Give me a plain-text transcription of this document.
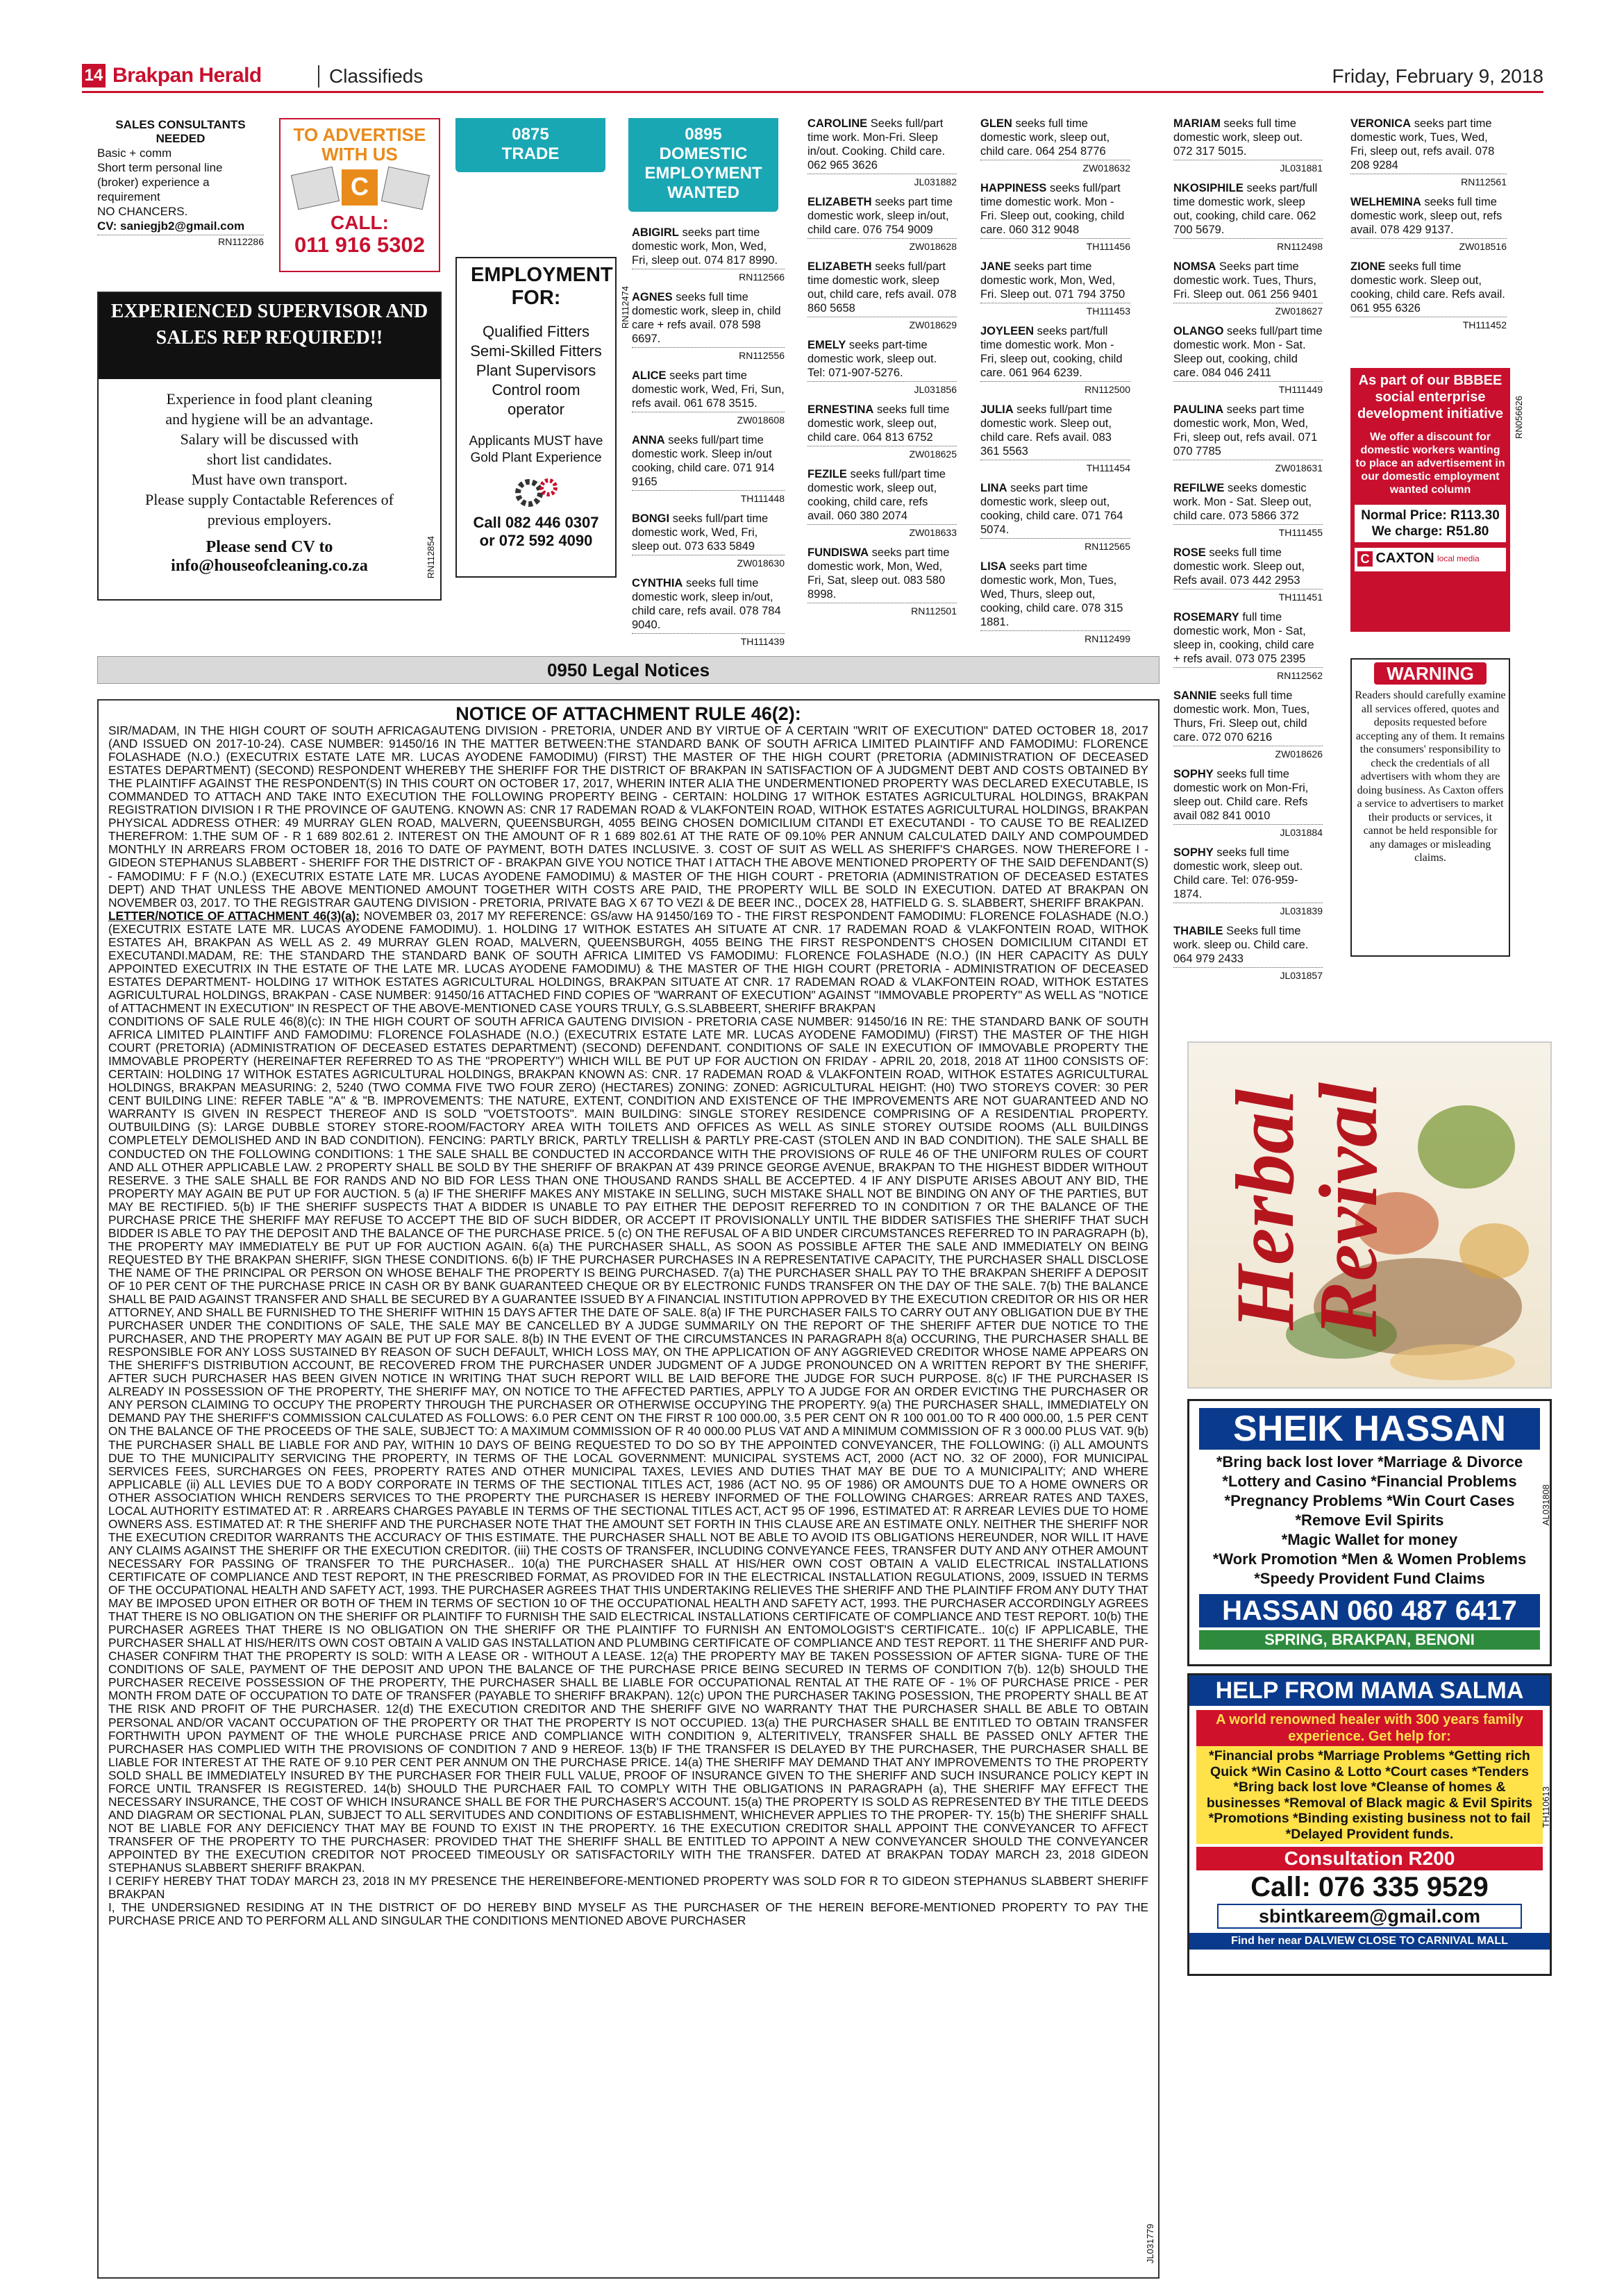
14 Brakpan Herald	Classifieds	Friday, February 9, 2018
SALES CONSULTANTS NEEDED
Basic + comm
Short term personal line
(broker) experience a
requirement
NO CHANCERS.
CV: saniegjb2@gmail.com
RN112286
TO ADVERTISE
WITH US
C
CALL:
011 916 5302
EXPERIENCED SUPERVISOR AND SALES REP REQUIRED!!
Experience in food plant cleaning
and hygiene will be an advantage.
Salary will be discussed with
short list candidates.
Must have own transport.
Please supply Contactable References of
previous employers.
Please send CV to
info@houseofcleaning.co.za	RN112854
0875
TRADE
EMPLOYMENT FOR:
Qualified Fitters
Semi-Skilled Fitters
Plant Supervisors
Control room operator
Applicants MUST have Gold Plant Experience
Call 082 446 0307
or 072 592 4090
RN112474
0895
DOMESTIC EMPLOYMENT WANTED
ABIGIRL seeks part time domestic work, Mon, Wed, Fri, sleep out. 074 817 8990.
RN112566
AGNES seeks full time domestic work, sleep in, child care + refs avail. 078 598 6697.
RN112556
ALICE seeks part time domestic work, Wed, Fri, Sun, refs avail. 061 678 3515.
ZW018608
ANNA seeks full/part time domestic work. Sleep in/out cooking, child care. 071 914 9165
TH111448
BONGI seeks full/part time domestic work, Wed, Fri, sleep out. 073 633 5849
ZW018630
CYNTHIA seeks full time domestic work, sleep in/out, child care, refs avail. 078 784 9040.
TH111439
CAROLINE Seeks full/part time work. Mon-Fri. Sleep in/out. Cooking. Child care. 062 965 3626
JL031882
ELIZABETH seeks part time domestic work, sleep in/out, child care. 076 754 9009
ZW018628
ELIZABETH seeks full/part time domestic work, sleep out, child care, refs avail. 078 860 5658
ZW018629
EMELY seeks part-time domestic work, sleep out. Tel: 071-907-5276.
JL031856
ERNESTINA seeks full time domestic work, sleep out, child care. 064 813 6752
ZW018625
FEZILE seeks full/part time domestic work, sleep out, cooking, child care, refs avail. 060 380 2074
ZW018633
FUNDISWA seeks part time domestic work, Mon, Wed, Fri, Sat, sleep out. 083 580 8998.
RN112501
GLEN seeks full time domestic work, sleep out, child care. 064 254 8776
ZW018632
HAPPINESS seeks full/part time domestic work. Mon - Fri. Sleep out, cooking, child care. 060 312 9048
TH111456
JANE seeks part time domestic work, Mon, Wed, Fri. Sleep out. 071 794 3750
TH111453
JOYLEEN seeks part/full time domestic work. Mon - Fri, sleep out, cooking, child care. 061 964 6239.
RN112500
JULIA seeks full/part time domestic work. Sleep out, child care. Refs avail. 083 361 5563
TH111454
LINA seeks part time domestic work, sleep out, cooking, child care. 071 764 5074.
RN112565
LISA seeks part time domestic work, Mon, Tues, Wed, Thurs, sleep out, cooking, child care. 078 315 1881.
RN112499
MARIAM seeks full time domestic work, sleep out. 072 317 5015.
JL031881
NKOSIPHILE seeks part/full time domestic work, sleep out, cooking, child care. 062 700 5679.
RN112498
NOMSA Seeks part time domestic work. Tues, Thurs, Fri. Sleep out. 061 256 9401
ZW018627
OLANGO seeks full/part time domestic work. Mon - Sat. Sleep out, cooking, child care. 084 046 2411
TH111449
PAULINA seeks part time domestic work, Mon, Wed, Fri, sleep out, refs avail. 071 070 7785
ZW018631
REFILWE seeks domestic work. Mon - Sat. Sleep out, child care. 073 5866 372
TH111455
ROSE seeks full time domestic work. Sleep out, Refs avail. 073 442 2953
TH111451
ROSEMARY full time domestic work, Mon - Sat, sleep in, cooking, child care + refs avail. 073 075 2395
RN112562
SANNIE seeks full time domestic work. Mon, Tues, Thurs, Fri. Sleep out, child care. 072 070 6216
ZW018626
SOPHY seeks full time domestic work on Mon-Fri, sleep out. Child care. Refs avail 082 841 0010
JL031884
SOPHY seeks full time domestic work, sleep out. Child care. Tel: 076-959-1874.
JL031839
THABILE Seeks full time work. sleep ou. Child care. 064 979 2433
JL031857
VERONICA seeks part time domestic work, Tues, Wed, Fri, sleep out, refs avail. 078 208 9284
RN112561
WELHEMINA seeks full time domestic work, sleep out, refs avail. 078 429 9137.
ZW018516
ZIONE seeks full time domestic work. Sleep out, cooking, child care. Refs avail. 061 955 6326
TH111452
As part of our BBBEE social enterprise development initiative
We offer a discount for domestic workers wanting to place an advertisement in our domestic employment wanted column
Normal Price: R113.30
We charge: R51.80
C CAXTON local media
RN056626
WARNING
Readers should carefully examine all services offered, quotes and deposits requested before accepting any of them. It remains the consumers' responsibility to check the credentials of all advertisers with whom they are doing business. As Caxton offers a service to advertisers to market their products or services, it cannot be held responsible for any damages or misleading claims.
0950 Legal Notices
NOTICE OF ATTACHMENT RULE 46(2):

SIR/MADAM, IN THE HIGH COURT OF SOUTH AFRICAGAUTENG DIVISION - PRETORIA, UNDER AND BY VIRTUE OF A CERTAIN "WRIT OF EXECUTION" DATED OCTOBER 18, 2017 (AND ISSUED ON 2017-10-24). CASE NUMBER: 91450/16 IN THE MATTER BETWEEN:THE STANDARD BANK OF SOUTH AFRICA LIMITED PLAINTIFF AND FAMODIMU: FLORENCE FOLASHADE (N.O.) (EXECUTRIX ESTATE LATE MR. LUCAS AYODENE FAMODIMU) (FIRST) THE MASTER OF THE HIGH COURT (PRETORIA (ADMINISTRATION OF DECEASED ESTATES DEPARTMENT) (SECOND) RESPONDENT WHEREBY THE SHERIFF FOR THE DISTRICT OF BRAKPAN IN SATISFACTION OF A JUDGMENT DEBT AND COSTS OBTAINED BY THE PLAINTIFF AGAINST THE RESPONDENT(S) IN THIS COURT ON OCTOBER 17, 2017, WHERIN INTER ALIA THE UNDERMENTIONED PROPERTY WAS DECLARED EXECUTABLE, IS COMMANDED TO ATTACH AND TAKE INTO EXECUTION THE FOLLOWING PROPERTY BEING - CERTAIN: HOLDING 17 WITHOK ESTATES AGRICULTURAL HOLDINGS, BRAKPAN REGISTRATION DIVISION I R THE PROVINCE OF GAUTENG. KNOWN AS: CNR 17 RADEMAN ROAD & VLAKFONTEIN ROAD, WITHOK ESTATES AGRICULTURAL HOLDINGS, BRAKPAN PHYSICAL ADDRESS OTHER: 49 MURRAY GLEN ROAD, MALVERN, QUEENSBURGH, 4055 BEING CHOSEN DOMICILIUM CITANDI ET EXECUTANDI - TO CAUSE TO BE REALIZED THEREFROM: 1.THE SUM OF - R 1 689 802.61 2. INTEREST ON THE AMOUNT OF R 1 689 802.61 AT THE RATE OF 09.10% PER ANNUM CALCULATED DAILY AND COMPOUMDED MONTHLY IN ARREARS FROM OCTOBER 18, 2016 TO DATE OF PAYMENT, BOTH DATES INCLUSIVE. 3. COST OF SUIT AS WELL AS SHERIFF'S CHARGES. NOW THEREFORE I - GIDEON STEPHANUS SLABBERT - SHERIFF FOR THE DISTRICT OF - BRAKPAN GIVE YOU NOTICE THAT I ATTACH THE ABOVE MENTIONED PROPERTY OF THE SAID DEFENDANT(S) - FAMODIMU: F F (N.O.) (EXECUTRIX ESTATE LATE MR. LUCAS AYODENE FAMODIMU) & MASTER OF THE HIGH COURT - PRETORIA (ADMINISTRATION OF DECEASED ESTATES DEPT) AND THAT UNLESS THE ABOVE MENTIONED AMOUNT TOGETHER WITH COSTS ARE PAID, THE PROPERTY WILL BE SOLD IN EXECUTION. DATED AT BRAKPAN ON NOVEMBER 03, 2017. TO THE REGISTRAR GAUTENG DIVISION - PRETORIA, PRIVATE BAG X 67 TO VEZI & DE BEER INC., DOCEX 28, HATFIELD G. S. SLABBERT, SHERIFF BRAKPAN.

LETTER/NOTICE OF ATTACHMENT 46(3)(a): NOVEMBER 03, 2017 MY REFERENCE: GS/avw HA 91450/169 TO - THE FIRST RESPONDENT FAMODIMU: FLORENCE FOLASHADE (N.O.) (EXECUTRIX ESTATE LATE MR. LUCAS AYODENE FAMODIMU). 1. HOLDING 17 WITHOK ESTATES AH SITUATE AT CNR. 17 RADEMAN ROAD & VLAKFONTEIN ROAD, WITHOK ESTATES AH, BRAKPAN AS WELL AS 2. 49 MURRAY GLEN ROAD, MALVERN, QUEENSBURGH, 4055 BEING THE FIRST RESPONDENT'S CHOSEN DOMICILIUM CITANDI ET EXECUTANDI.MADAM, RE: THE STANDARD THE STANDARD BANK OF SOUTH AFRICA LIMITED VS FAMODIMU: FLORENCE FOLASHADE (N.O.) (IN HER CAPACITY AS DULY APPOINTED EXECUTRIX IN THE ESTATE OF THE LATE MR. LUCAS AYODENE FAMODIMU) & THE MASTER OF THE HIGH COURT (PRETORIA - ADMINISTRATION OF DECEASED ESTATES DEPARTMENT- HOLDING 17 WITHOK ESTATES AGRICULTURAL HOLDINGS, BRAKPAN SITUATE AT CNR. 17 RADEMAN ROAD & VLAKFONTEIN ROAD, WITHOK ESTATES AGRICULTURAL HOLDINGS, BRAKPAN - CASE NUMBER: 91450/16 ATTACHED FIND COPIES OF "WARRANT OF EXECUTION" AGAINST "IMMOVABLE PROPERTY" AS WELL AS "NOTICE of ATTACHMENT IN EXECUTION" IN RESPECT OF THE ABOVE-MENTIONED CASE YOURS TRULY, G.S.SLABBEERT, SHERIFF BRAKPAN

CONDITIONS OF SALE RULE 46(8)(c): IN THE HIGH COURT OF SOUTH AFRICA GAUTENG DIVISION - PRETORIA CASE NUMBER: 91450/16 IN RE: THE STANDARD BANK OF SOUTH AFRICA LIMITED PLAINTIFF AND FAMODIMU: FLORENCE FOLASHADE (N.O.) (EXECUTRIX ESTATE LATE MR. LUCAS AYODENE FAMODIMU) (FIRST) THE MASTER OF THE HIGH COURT (PRETORIA) (ADMINISTRATION OF DECEASED ESTATES DEPARTMENT) (SECOND) DEFENDANT. CONDITIONS OF SALE IN EXECUTION OF IMMOVABLE PROPERTY THE IMMOVABLE PROPERTY (HEREINAFTER REFERRED TO AS THE "PROPERTY") WHICH WILL BE PUT UP FOR AUCTION ON FRIDAY - APRIL 20, 2018, 2018 AT 11H00 CONSISTS OF: CERTAIN: HOLDING 17 WITHOK ESTATES AGRICULTURAL HOLDINGS, BRAKPAN KNOWN AS: CNR. 17 RADEMAN ROAD & VLAKFONTEIN ROAD, WITHOK ESTATES AGRICULTURAL HOLDINGS, BRAKPAN MEASURING: 2, 5240 (TWO COMMA FIVE TWO FOUR ZERO) (HECTARES) ZONING: ZONED: AGRICULTURAL HEIGHT: (H0) TWO STOREYS COVER: 30 PER CENT BUILDING LINE: REFER TABLE "A" & "B. IMPROVEMENTS: THE NATURE, EXTENT, CONDITION AND EXISTENCE OF THE IMPROVEMENTS ARE NOT GUARANTEED AND NO WARRANTY IS GIVEN IN RESPECT THEREOF AND IS SOLD "VOETSTOOTS". MAIN BUILDING: SINGLE STOREY RESIDENCE COMPRISING OF A RESIDENTIAL PROPERTY. OUTBUILDING (S): LARGE DUBBLE STOREY STORE-ROOM/FACTORY AREA WITH TOILETS AND OFFICES AS WELL AS SINLE STOREY OUTSIDE ROOMS (ALL BUILDINGS COMPLETELY DEMOLISHED AND IN BAD CONDITION). FENCING: PARTLY BRICK, PARTLY TRELLISH & PARTLY PRE-CAST (STOLEN AND IN BAD CONDITION). THE SALE SHALL BE CONDUCTED ON THE FOLLOWING CONDITIONS: 1 THE SALE SHALL BE CONDUCTED IN ACCORDANCE WITH THE PROVISIONS OF RULE 46 OF THE UNIFORM RULES OF COURT AND ALL OTHER APPLICABLE LAW. 2 PROPERTY SHALL BE SOLD BY THE SHERIFF OF BRAKPAN AT 439 PRINCE GEORGE AVENUE, BRAKPAN TO THE HIGHEST BIDDER WITHOUT RESERVE. 3 THE SALE SHALL BE FOR RANDS AND NO BID FOR LESS THAN ONE THOUSAND RANDS SHALL BE ACCEPTED. 4 IF ANY DISPUTE ARISES ABOUT ANY BID, THE PROPERTY MAY AGAIN BE PUT UP FOR AUCTION. 5 (a) IF THE SHERIFF MAKES ANY MISTAKE IN SELLING, SUCH MISTAKE SHALL NOT BE BINDING ON ANY OF THE PARTIES, BUT MAY BE RECTIFIED. 5(b) IF THE SHERIFF SUSPECTS THAT A BIDDER IS UNABLE TO PAY EITHER THE DEPOSIT REFERRED TO IN CONDITION 7 OR THE BALANCE OF THE PURCHASE PRICE THE SHERIFF MAY REFUSE TO ACCEPT THE BID OF SUCH BIDDER, OR ACCEPT IT PROVISIONALLY UNTIL THE BIDDER SATISFIES THE SHERIFF THAT SUCH BIDDER IS ABLE TO PAY THE DEPOSIT AND THE BALANCE OF THE PURCHASE PRICE. 5 (c) ON THE REFUSAL OF A BID UNDER CIRCUMSTANCES REFERRED TO IN PARAGRAPH (b), THE PROPERTY MAY IMMEDIATELY BE PUT UP FOR AUCTION AGAIN. 6(a) THE PURCHASER SHALL, AS SOON AS POSSIBLE AFTER THE SALE AND IMMEDIATELY ON BEING REQUESTED BY THE BRAKPAN SHERIFF, SIGN THESE CONDITIONS. 6(b) IF THE PURCHASER PURCHASES IN A REPRESENTATIVE CAPACITY, THE PURCHASER SHALL DISCLOSE THE NAME OF THE PRINCIPAL OR PERSON ON WHOSE BEHALF THE PROPERTY IS BEING PURCHASED. 7(a) THE PURCHASER SHALL PAY TO THE BRAKPAN SHERIFF A DEPOSIT OF 10 PER CENT OF THE PURCHASE PRICE IN CASH OR BY BANK GUARANTEED CHEQUE OR BY ELECTRONIC FUNDS TRANSFER ON THE DAY OF THE SALE. 7(b) THE BALANCE SHALL BE PAID AGAINST TRANSFER AND SHALL BE SECURED BY A GUARANTEE ISSUED BY A FINANCIAL INSTITUTION APPROVED BY THE EXECUTION CREDITOR OR HIS OR HER ATTORNEY, AND SHALL BE FURNISHED TO THE SHERIFF WITHIN 15 DAYS AFTER THE DATE OF SALE. 8(a) IF THE PURCHASER FAILS TO CARRY OUT ANY OBLIGATION DUE BY THE PURCHASER UNDER THE CONDITIONS OF SALE, THE SALE MAY BE CANCELLED BY A JUDGE SUMMARILY ON THE REPORT OF THE SHERIFF AFTER DUE NOTICE TO THE PURCHASER, AND THE PROPERTY MAY AGAIN BE PUT UP FOR SALE. 8(b) IN THE EVENT OF THE CIRCUMSTANCES IN PARAGRAPH 8(a) OCCURING, THE PURCHASER SHALL BE RESPONSIBLE FOR ANY LOSS SUSTAINED BY REASON OF SUCH DEFAULT, WHICH LOSS MAY, ON THE APPLICATION OF ANY AGGRIEVED CREDITOR WHOSE NAME APPEARS ON THE SHERIFF'S DISTRIBUTION ACCOUNT, BE RECOVERED FROM THE PURCHASER UNDER JUDGMENT OF A JUDGE PRONOUNCED ON A WRITTEN REPORT BY THE SHERIFF, AFTER SUCH PURCHASER HAS BEEN GIVEN NOTICE IN WRITING THAT SUCH REPORT WILL BE LAID BEFORE THE JUDGE FOR SUCH PURPOSE. 8(c) IF THE PURCHASER IS ALREADY IN POSSESSION OF THE PROPERTY, THE SHERIFF MAY, ON NOTICE TO THE AFFECTED PARTIES, APPLY TO A JUDGE FOR AN ORDER EVICTING THE PURCHASER OR ANY PERSON CLAIMING TO OCCUPY THE PROPERTY THROUGH THE PURCHASER OR OTHERWISE OCCUPYING THE PROPERTY. 9(a) THE PURCHASER SHALL, IMMEDIATELY ON DEMAND PAY THE SHERIFF'S COMMISSION CALCULATED AS FOLLOWS: 6.0 PER CENT ON THE FIRST R 100 000.00, 3.5 PER CENT ON R 100 001.00 TO R 400 000.00, 1.5 PER CENT ON THE BALANCE OF THE PROCEEDS OF THE SALE, SUBJECT TO: A MAXIMUM COMMISSION OF R 40 000.00 PLUS VAT AND A MINIMUM COMMISSION OF R 3 000.00 PLUS VAT. 9(b) THE PURCHASER SHALL BE LIABLE FOR AND PAY, WITHIN 10 DAYS OF BEING REQUESTED TO DO SO BY THE APPOINTED CONVEYANCER, THE FOLLOWING: (i) ALL AMOUNTS DUE TO THE MUNICIPALITY SERVICING THE PROPERTY, IN TERMS OF THE LOCAL GOVERNMENT: MUNICIPAL SYSTEMS ACT, 2000 (ACT NO. 32 OF 2000), FOR MUNICIPAL SERVICES FEES, SURCHARGES ON FEES, PROPERTY RATES AND OTHER MUNICIPAL TAXES, LEVIES AND DUTIES THAT MAY BE DUE TO A MUNICIPALITY; AND WHERE APPLICABLE (ii) ALL LEVIES DUE TO A BODY CORPORATE IN TERMS OF THE SECTIONAL TITLES ACT, 1986 (ACT NO. 95 OF 1986) OR AMOUNTS DUE TO A HOME OWNERS OR OTHER ASSOCIATION WHICH RENDERS SERVICES TO THE PROPERTY THE PURCHASER IS HEREBY INFORMED OF THE FOLLOWING CHARGES: ARREAR RATES AND TAXES, LOCAL AUTHORITY ESTIMATED AT: R . ARREARS CHARGES PAYABLE IN TERMS OF THE SECTIONAL TITLES ACT, ACT 95 OF 1996, ESTIMATED AT: R ARREAR LEVIES DUE TO HOME OWNERS ASS. ESTIMATED AT: R THE SHERIFF AND THE PURCHASER NOTE THAT THE AMOUNT SET FORTH IN THIS CLAUSE ARE AN ESTIMATE ONLY. NEITHER THE SHERIFF NOR THE EXECUTION CREDITOR WARRANTS THE ACCURACY OF THIS ESTIMATE. THE PURCHASER SHALL NOT BE ABLE TO AVOID ITS OBLIGATIONS HEREUNDER, NOR WILL IT HAVE ANY CLAIMS AGAINST THE SHERIFF OR THE EXECUTION CREDITOR. (iii) THE COSTS OF TRANSFER, INCLUDING CONVEYANCE FEES, TRANSFER DUTY AND ANY OTHER AMOUNT NECESSARY FOR PASSING OF TRANSFER TO THE PURCHASER.. 10(a) THE PURCHASER SHALL AT HIS/HER OWN COST OBTAIN A VALID ELECTRICAL INSTALLATIONS CERTIFICATE OF COMPLIANCE AND TEST REPORT, IN THE PRESCRIBED FORMAT, AS PROVIDED FOR IN THE ELECTRICAL INSTALLATION REGULATIONS, 2009, ISSUED IN TERMS OF THE OCCUPATIONAL HEALTH AND SAFETY ACT, 1993. THE PURCHASER AGREES THAT THIS UNDERTAKING RELIEVES THE SHERIFF AND THE PLAINTIFF FROM ANY DUTY THAT MAY BE IMPOSED UPON EITHER OR BOTH OF THEM IN TERMS OF SECTION 10 OF THE OCCUPATIONAL HEALTH AND SAFETY ACT, 1993. THE PURCHASER ACCORDINGLY AGREES THAT THERE IS NO OBLIGATION ON THE SHERIFF OR PLAINTIFF TO FURNISH THE SAID ELECTRICAL INSTALLATIONS CERTIFICATE OF COMPLIANCE AND TEST REPORT. 10(b) THE PURCHASER AGREES THAT THERE IS NO OBLIGATION ON THE SHERIFF OR THE PLAINTIFF TO FURNISH AN ENTOMOLOGIST'S CERTIFICATE.. 10(c) IF APPLICABLE, THE PURCHASER SHALL AT HIS/HER/ITS OWN COST OBTAIN A VALID GAS INSTALLATION AND PLUMBING CERTIFICATE OF COMPLIANCE AND TEST REPORT. 11 THE SHERIFF AND PUR- CHASER CONFIRM THAT THE PROPERTY IS SOLD: WITH A LEASE OR - WITHOUT A LEASE. 12(a) THE PROPERTY MAY BE TAKEN POSSESSION OF AFTER SIGNA- TURE OF THE CONDITIONS OF SALE, PAYMENT OF THE DEPOSIT AND UPON THE BALANCE OF THE PURCHASE PRICE BEING SECURED IN TERMS OF CONDITION 7(b). 12(b) SHOULD THE PURCHASER RECEIVE POSSESSION OF THE PROPERTY, THE PURCHASER SHALL BE LIABLE FOR OCCUPATIONAL RENTAL AT THE RATE OF - 1% OF PURCHASE PRICE - PER MONTH FROM DATE OF OCCUPATION TO DATE OF TRANSFER (PAYABLE TO SHERIFF BRAKPAN). 12(c) UPON THE PURCHASER TAKING POSESSION, THE PROPERTY SHALL BE AT THE RISK AND PROFIT OF THE PURCHASER. 12(d) THE EXECUTION CREDITOR AND THE SHERIFF GIVE NO WARRANTY THAT THE PURCHASER SHALL BE ABLE TO OBTAIN PERSONAL AND/OR VACANT OCCUPATION OF THE PROPERTY OR THAT THE PROPERTY IS NOT OCCUPIED. 13(a) THE PURCHASER SHALL BE ENTITLED TO OBTAIN TRANSFER FORTHWITH UPON PAYMENT OF THE WHOLE PURCHASE PRICE AND COMPLIANCE WITH CONDITION 9, ALTERITIVELY, TRANSFER SHALL BE PASSED ONLY AFTER THE PURCHASER HAS COMPLIED WITH THE PROVISIONS OF CONDITION 7 AND 9 HEREOF. 13(b) IF THE TRANSFER IS DELAYED BY THE PURCHASER, THE PURCHASER SHALL BE LIABLE FOR INTEREST AT THE RATE OF 9.10 PER CENT PER ANNUM ON THE PURCHASE PRICE. 14(a) THE SHERIFF MAY DEMAND THAT ANY IMPROVEMENTS TO THE PROPERTY SOLD SHALL BE IMMEDIATELY INSURED BY THE PURCHASER FOR THEIR FULL VALUE, PROOF OF INSURANCE GIVEN TO THE SHERIFF AND SUCH INSURANCE POLICY KEPT IN FORCE UNTIL TRANSFER IS REGISTERED. 14(b) SHOULD THE PURCHAER FAIL TO COMPLY WITH THE OBLIGATIONS IN PARAGRAPH (a), THE SHERIFF MAY EFFECT THE NECESSARY INSURANCE, THE COST OF WHICH INSURANCE SHALL BE FOR THE PURCHASER'S ACCOUNT. 15(a) THE PROPERTY IS SOLD AS REPRESENTED BY THE TITLE DEEDS AND DIAGRAM OR SECTIONAL PLAN, SUBJECT TO ALL SERVITUDES AND CONDITIONS OF ESTABLISHMENT, WHICHEVER APPLIES TO THE PROPER- TY. 15(b) THE SHERIFF SHALL NOT BE LIABLE FOR ANY DEFICIENCY THAT MAY BE FOUND TO EXIST IN THE PROPERTY. 16 THE EXECUTION CREDITOR SHALL APPOINT THE CONVEYANCER TO AFFECT TRANSFER OF THE PROPERTY TO THE PURCHASER: PROVIDED THAT THE SHERIFF SHALL BE ENTITLED TO APPOINT A NEW CONVEYANCER SHOULD THE CONVEYANCER APPOINTED BY THE EXECUTION CREDITOR NOT PROCEED TIMEOUSLY OR SATISFACTORILY WITH THE TRANSFER. DATED AT BRAKPAN TODAY MARCH 23, 2018 GIDEON STEPHANUS SLABBERT SHERIFF BRAKPAN.

I CERIFY HEREBY THAT TODAY MARCH 23, 2018 IN MY PRESENCE THE HEREINBEFORE-MENTIONED PROPERTY WAS SOLD FOR R TO GIDEON STEPHANUS SLABBERT SHERIFF BRAKPAN

I, THE UNDERSIGNED RESIDING AT IN THE DISTRICT OF DO HEREBY BIND MYSELF AS THE PURCHASER OF THE HEREIN BEFORE-MENTIONED PROPERTY TO PAY THE PURCHASE PRICE AND TO PERFORM ALL AND SINGULAR THE CONDITIONS MENTIONED ABOVE PURCHASER

JL031779
Herbal
Revival
SHEIK HASSAN
*Bring back lost lover *Marriage & Divorce
*Lottery and Casino *Financial Problems
*Pregnancy Problems *Win Court Cases
*Remove Evil Spirits
*Magic Wallet for money
*Work Promotion *Men & Women Problems
*Speedy Provident Fund Claims
HASSAN 060 487 6417
SPRING, BRAKPAN, BENONI
AL031808
HELP FROM MAMA SALMA
A world renowned healer with 300 years family experience. Get help for:
*Financial probs *Marriage Problems *Getting rich Quick *Win Casino & Lotto *Court cases *Tenders *Bring back lost love *Cleanse of homes & businesses *Removal of Black magic & Evil Spirits *Promotions *Binding existing business not to fail *Delayed Provident funds.
Consultation R200
Call: 076 335 9529
sbintkareem@gmail.com
Find her near DALVIEW CLOSE TO CARNIVAL MALL
TH110613
